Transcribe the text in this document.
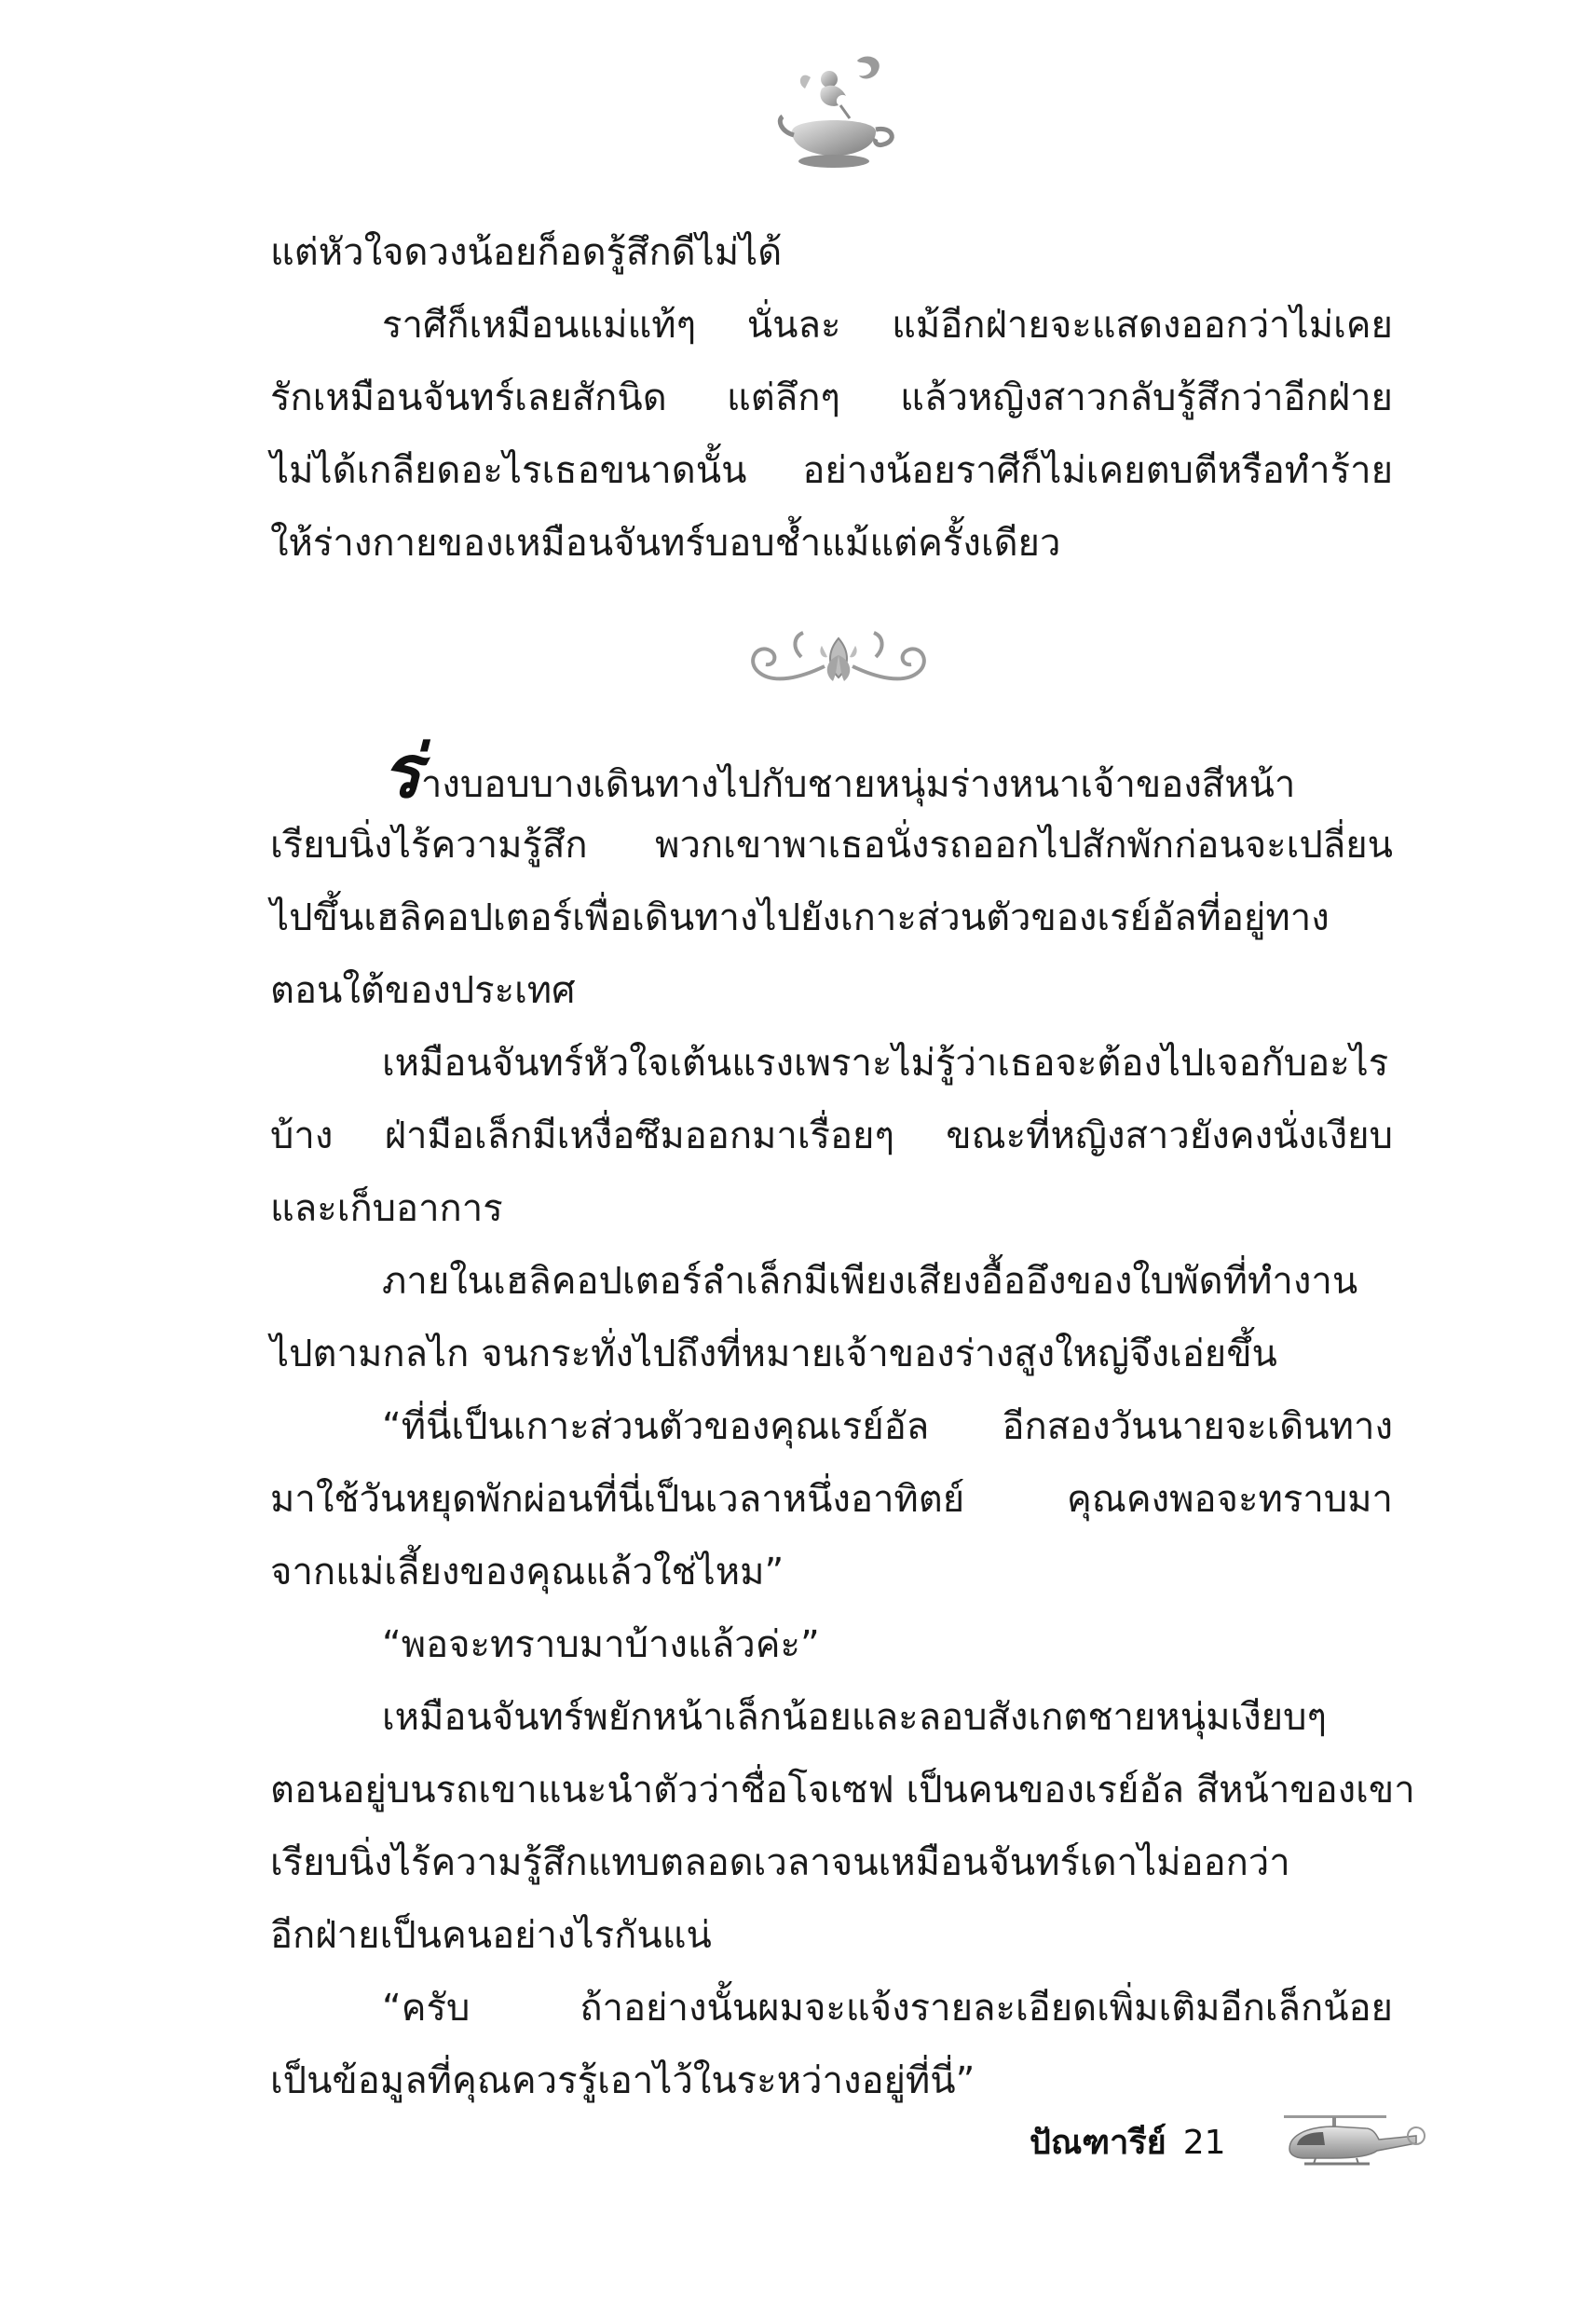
แต่หัวใจดวงน้อยก็อดรู้สึกดีไม่ได้
ราศีก็เหมือนแม่แท้ๆ นั่นละ แม้อีกฝ่ายจะแสดงออกว่าไม่เคย
รักเหมือนจันทร์เลยสักนิด แต่ลึกๆ แล้วหญิงสาวกลับรู้สึกว่าอีกฝ่าย
ไม่ได้เกลียดอะไรเธอขนาดนั้น อย่างน้อยราศีก็ไม่เคยตบตีหรือทำร้าย
ให้ร่างกายของเหมือนจันทร์บอบช้ำแม้แต่ครั้งเดียว
ร่างบอบบางเดินทางไปกับชายหนุ่มร่างหนาเจ้าของสีหน้า
เรียบนิ่งไร้ความรู้สึก พวกเขาพาเธอนั่งรถออกไปสักพักก่อนจะเปลี่ยน
ไปขึ้นเฮลิคอปเตอร์เพื่อเดินทางไปยังเกาะส่วนตัวของเรย์อัลที่อยู่ทาง
ตอนใต้ของประเทศ
เหมือนจันทร์หัวใจเต้นแรงเพราะไม่รู้ว่าเธอจะต้องไปเจอกับอะไร
บ้าง ฝ่ามือเล็กมีเหงื่อซึมออกมาเรื่อยๆ ขณะที่หญิงสาวยังคงนั่งเงียบ
และเก็บอาการ
ภายในเฮลิคอปเตอร์ลำเล็กมีเพียงเสียงอื้ออึงของใบพัดที่ทำงาน
ไปตามกลไก จนกระทั่งไปถึงที่หมายเจ้าของร่างสูงใหญ่จึงเอ่ยขึ้น
“ที่นี่เป็นเกาะส่วนตัวของคุณเรย์อัล อีกสองวันนายจะเดินทาง
มาใช้วันหยุดพักผ่อนที่นี่เป็นเวลาหนึ่งอาทิตย์ คุณคงพอจะทราบมา
จากแม่เลี้ยงของคุณแล้วใช่ไหม”
“พอจะทราบมาบ้างแล้วค่ะ”
เหมือนจันทร์พยักหน้าเล็กน้อยและลอบสังเกตชายหนุ่มเงียบๆ
ตอนอยู่บนรถเขาแนะนำตัวว่าชื่อโจเซฟ เป็นคนของเรย์อัล สีหน้าของเขา
เรียบนิ่งไร้ความรู้สึกแทบตลอดเวลาจนเหมือนจันทร์เดาไม่ออกว่า
อีกฝ่ายเป็นคนอย่างไรกันแน่
“ครับ ถ้าอย่างนั้นผมจะแจ้งรายละเอียดเพิ่มเติมอีกเล็กน้อย
เป็นข้อมูลที่คุณควรรู้เอาไว้ในระหว่างอยู่ที่นี่”
ปัณฑารีย์ 21
